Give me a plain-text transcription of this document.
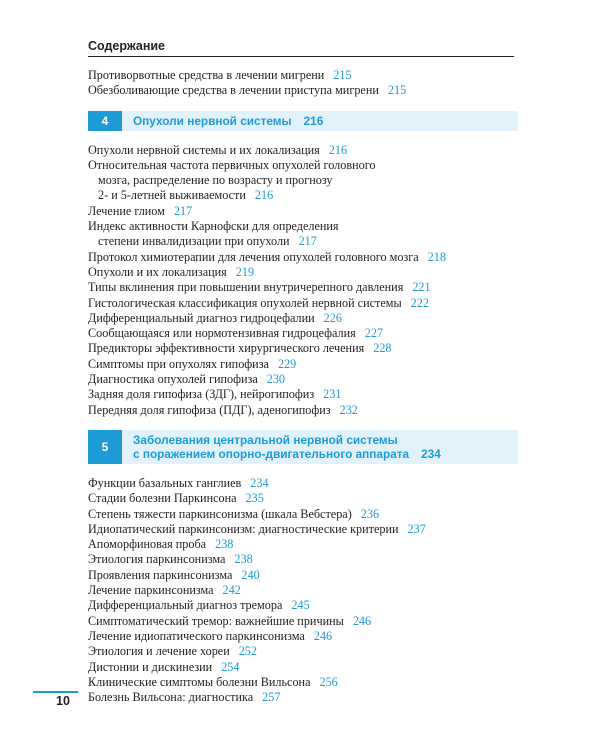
Содержание
Противорвотные средства в лечении мигрени 215
Обезболивающие средства в лечении приступа мигрени 215
4	Опухоли нервной системы 216
Опухоли нервной системы и их локализация 216
Относительная частота первичных опухолей головного
мозга, распределение по возрасту и прогнозу
2- и 5-летней выживаемости 216
Лечение глиом 217
Индекс активности Карнофски для определения
степени инвалидизации при опухоли 217
Протокол химиотерапии для лечения опухолей головного мозга 218
Опухоли и их локализация 219
Типы вклинения при повышении внутричерепного давления 221
Гистологическая классификация опухолей нервной системы 222
Дифференциальный диагноз гидроцефалии 226
Сообщающаяся или нормотензивная гидроцефалия 227
Предикторы эффективности хирургического лечения 228
Симптомы при опухолях гипофиза 229
Диагностика опухолей гипофиза 230
Задняя доля гипофиза (ЗДГ), нейрогипофиз 231
Передняя доля гипофиза (ПДГ), аденогипофиз 232
5	Заболевания центральной нервной системы
с поражением опорно-двигательного аппарата 234
Функции базальных ганглиев 234
Стадии болезни Паркинсона 235
Степень тяжести паркинсонизма (шкала Вебстера) 236
Идиопатический паркинсонизм: диагностические критерии 237
Апоморфиновая проба 238
Этиология паркинсонизма 238
Проявления паркинсонизма 240
Лечение паркинсонизма 242
Дифференциальный диагноз тремора 245
Симптоматический тремор: важнейшие причины 246
Лечение идиопатического паркинсонизма 246
Этиология и лечение хореи 252
Дистонии и дискинезии 254
Клинические симптомы болезни Вильсона 256
Болезнь Вильсона: диагностика 257
10
